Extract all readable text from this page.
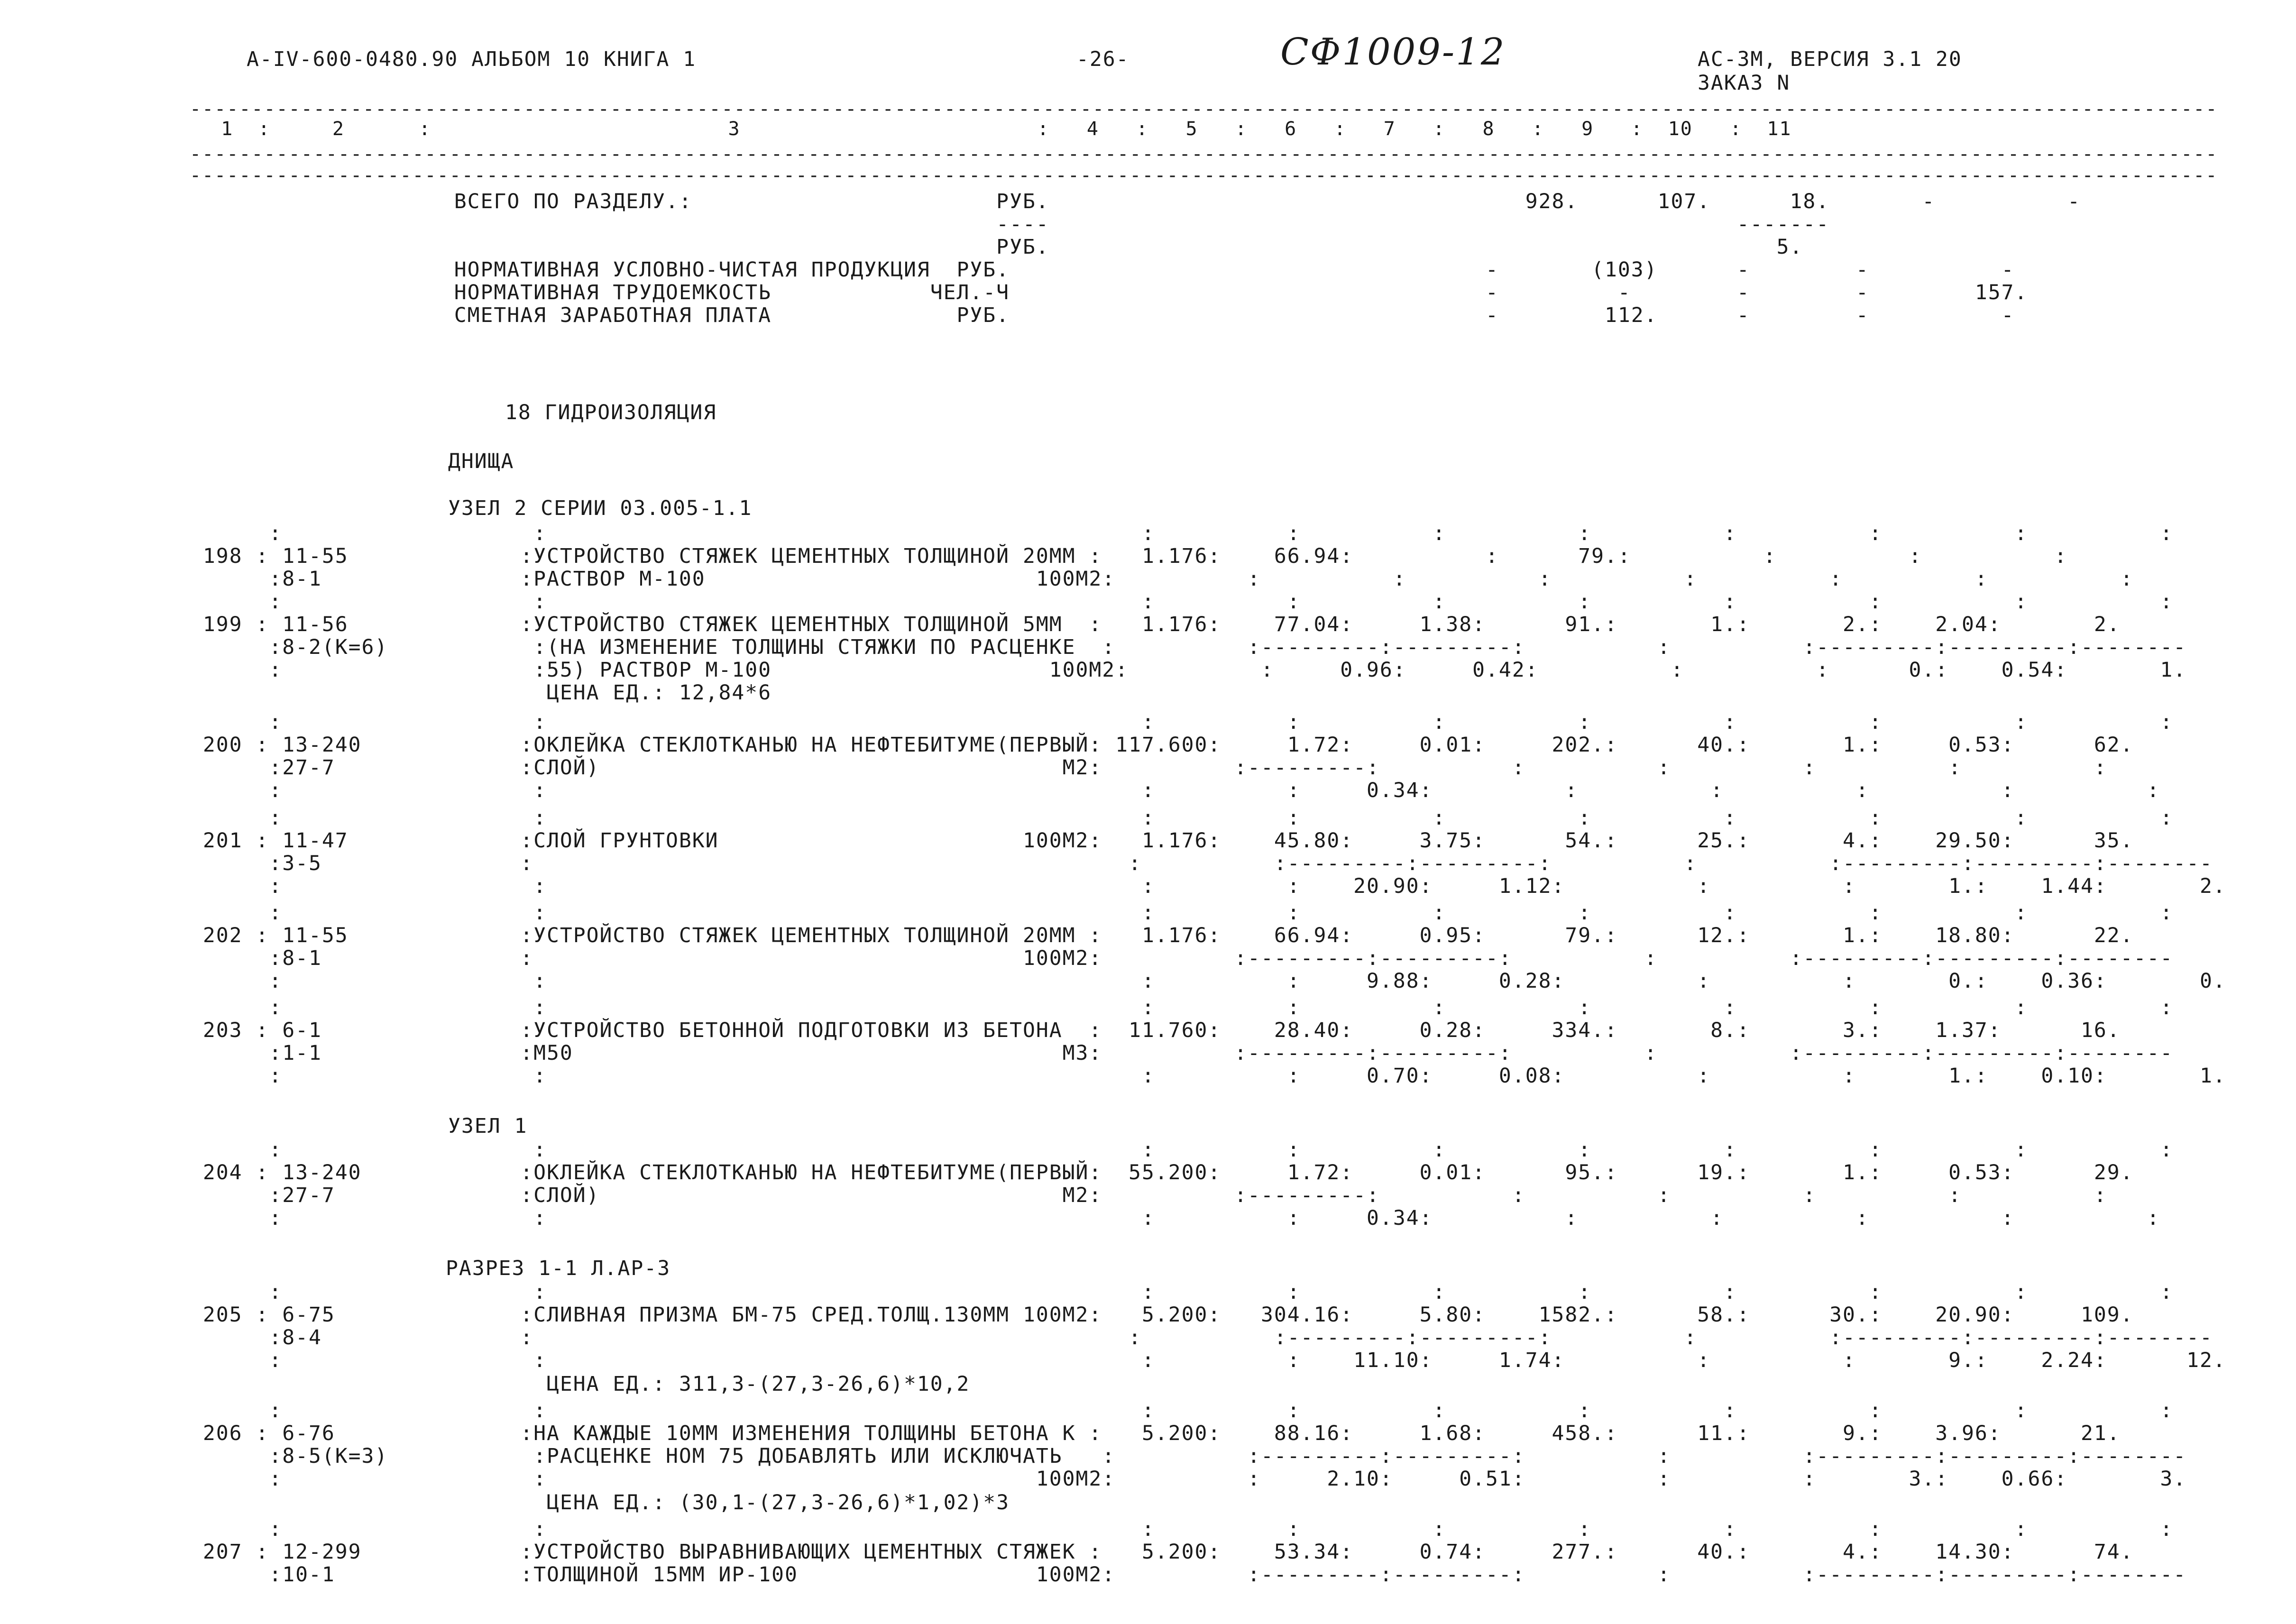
А-IV-600-0480.90 АЛЬБОМ 10 КНИГА 1	-26-	СФ1009-12	АС-3М, ВЕРСИЯ 3.1 20
ЗАКАЗ N
--------------------------------------------------------------------------------------------------------------------------------------------------------------------
1  :     2      :                        3                        :   4   :   5   :   6   :   7   :   8   :   9   :  10   :  11
--------------------------------------------------------------------------------------------------------------------------------------------------------------------
--------------------------------------------------------------------------------------------------------------------------------------------------------------------
ВСЕГО ПО РАЗДЕЛУ.:                       РУБ.                                    928.      107.      18.       -          -
----                                                    -------
РУБ.                                                       5.
НОРМАТИВНАЯ УСЛОВНО-ЧИСТАЯ ПРОДУКЦИЯ  РУБ.                                    -       (103)      -        -          -
НОРМАТИВНАЯ ТРУДОЕМКОСТЬ            ЧЕЛ.-Ч                                    -         -        -        -        157.
СМЕТНАЯ ЗАРАБОТНАЯ ПЛАТА              РУБ.                                    -        112.      -        -          -
18 ГИДРОИЗОЛЯЦИЯ
ДНИЩА
УЗЕЛ 2 СЕРИИ 03.005-1.1
:                   :                                             :          :          :          :          :          :          :          :
198 : 11-55             :УСТРОЙСТВО СТЯЖЕК ЦЕМЕНТНЫХ ТОЛЩИНОЙ 20ММ :   1.176:    66.94:          :      79.:          :          :          :
:8-1               :РАСТВОР М-100                         100М2:          :          :          :          :          :          :          :
:                   :                                             :          :          :          :          :          :          :          :
199 : 11-56             :УСТРОЙСТВО СТЯЖЕК ЦЕМЕНТНЫХ ТОЛЩИНОЙ 5ММ  :   1.176:    77.04:     1.38:      91.:       1.:       2.:    2.04:       2.
:8-2(К=6)           :(НА ИЗМЕНЕНИЕ ТОЛЩИНЫ СТЯЖКИ ПО РАСЦЕНКЕ  :          :---------:---------:          :          :---------:---------:--------
:                   :55) РАСТВОР М-100                     100М2:          :     0.96:     0.42:          :          :      0.:    0.54:       1.
ЦЕНА ЕД.: 12,84*6
:                   :                                             :          :          :          :          :          :          :          :
200 : 13-240            :ОКЛЕЙКА СТЕКЛОТКАНЬЮ НА НЕФТЕБИТУМЕ(ПЕРВЫЙ: 117.600:     1.72:     0.01:     202.:      40.:       1.:     0.53:      62.
:27-7              :СЛОЙ)                                   М2:          :---------:          :          :          :          :          :
:                   :                                             :          :     0.34:          :          :          :          :          :
:                   :                                             :          :          :          :          :          :          :          :
201 : 11-47             :СЛОЙ ГРУНТОВКИ                       100М2:   1.176:    45.80:     3.75:      54.:      25.:       4.:    29.50:      35.
:3-5               :                                             :          :---------:---------:          :          :---------:---------:--------
:                   :                                             :          :    20.90:     1.12:          :          :       1.:    1.44:       2.
:                   :                                             :          :          :          :          :          :          :          :
202 : 11-55             :УСТРОЙСТВО СТЯЖЕК ЦЕМЕНТНЫХ ТОЛЩИНОЙ 20ММ :   1.176:    66.94:     0.95:      79.:      12.:       1.:    18.80:      22.
:8-1               :                                     100М2:          :---------:---------:          :          :---------:---------:--------
:                   :                                             :          :     9.88:     0.28:          :          :       0.:    0.36:       0.
:                   :                                             :          :          :          :          :          :          :          :
203 : 6-1               :УСТРОЙСТВО БЕТОННОЙ ПОДГОТОВКИ ИЗ БЕТОНА  :  11.760:    28.40:     0.28:     334.:       8.:       3.:    1.37:      16.
:1-1               :М50                                     М3:          :---------:---------:          :          :---------:---------:--------
:                   :                                             :          :     0.70:     0.08:          :          :       1.:    0.10:       1.
УЗЕЛ 1
:                   :                                             :          :          :          :          :          :          :          :
204 : 13-240            :ОКЛЕЙКА СТЕКЛОТКАНЬЮ НА НЕФТЕБИТУМЕ(ПЕРВЫЙ:  55.200:     1.72:     0.01:      95.:      19.:       1.:     0.53:      29.
:27-7              :СЛОЙ)                                   М2:          :---------:          :          :          :          :          :
:                   :                                             :          :     0.34:          :          :          :          :          :
РАЗРЕЗ 1-1 Л.АР-3
:                   :                                             :          :          :          :          :          :          :          :
205 : 6-75              :СЛИВНАЯ ПРИЗМА БМ-75 СРЕД.ТОЛЩ.130ММ 100М2:   5.200:   304.16:     5.80:    1582.:      58.:      30.:    20.90:     109.
:8-4               :                                             :          :---------:---------:          :          :---------:---------:--------
:                   :                                             :          :    11.10:     1.74:          :          :       9.:    2.24:      12.
ЦЕНА ЕД.: 311,3-(27,3-26,6)*10,2
:                   :                                             :          :          :          :          :          :          :          :
206 : 6-76              :НА КАЖДЫЕ 10ММ ИЗМЕНЕНИЯ ТОЛЩИНЫ БЕТОНА К :   5.200:    88.16:     1.68:     458.:      11.:       9.:    3.96:      21.
:8-5(К=3)           :РАСЦЕНКЕ НОМ 75 ДОБАВЛЯТЬ ИЛИ ИСКЛЮЧАТЬ   :          :---------:---------:          :          :---------:---------:--------
:                   :                                     100М2:          :     2.10:     0.51:          :          :       3.:    0.66:       3.
ЦЕНА ЕД.: (30,1-(27,3-26,6)*1,02)*3
:                   :                                             :          :          :          :          :          :          :          :
207 : 12-299            :УСТРОЙСТВО ВЫРАВНИВАЮЩИХ ЦЕМЕНТНЫХ СТЯЖЕК :   5.200:    53.34:     0.74:     277.:      40.:       4.:    14.30:      74.
:10-1              :ТОЛЩИНОЙ 15ММ ИР-100                  100М2:          :---------:---------:          :          :---------:---------:--------
